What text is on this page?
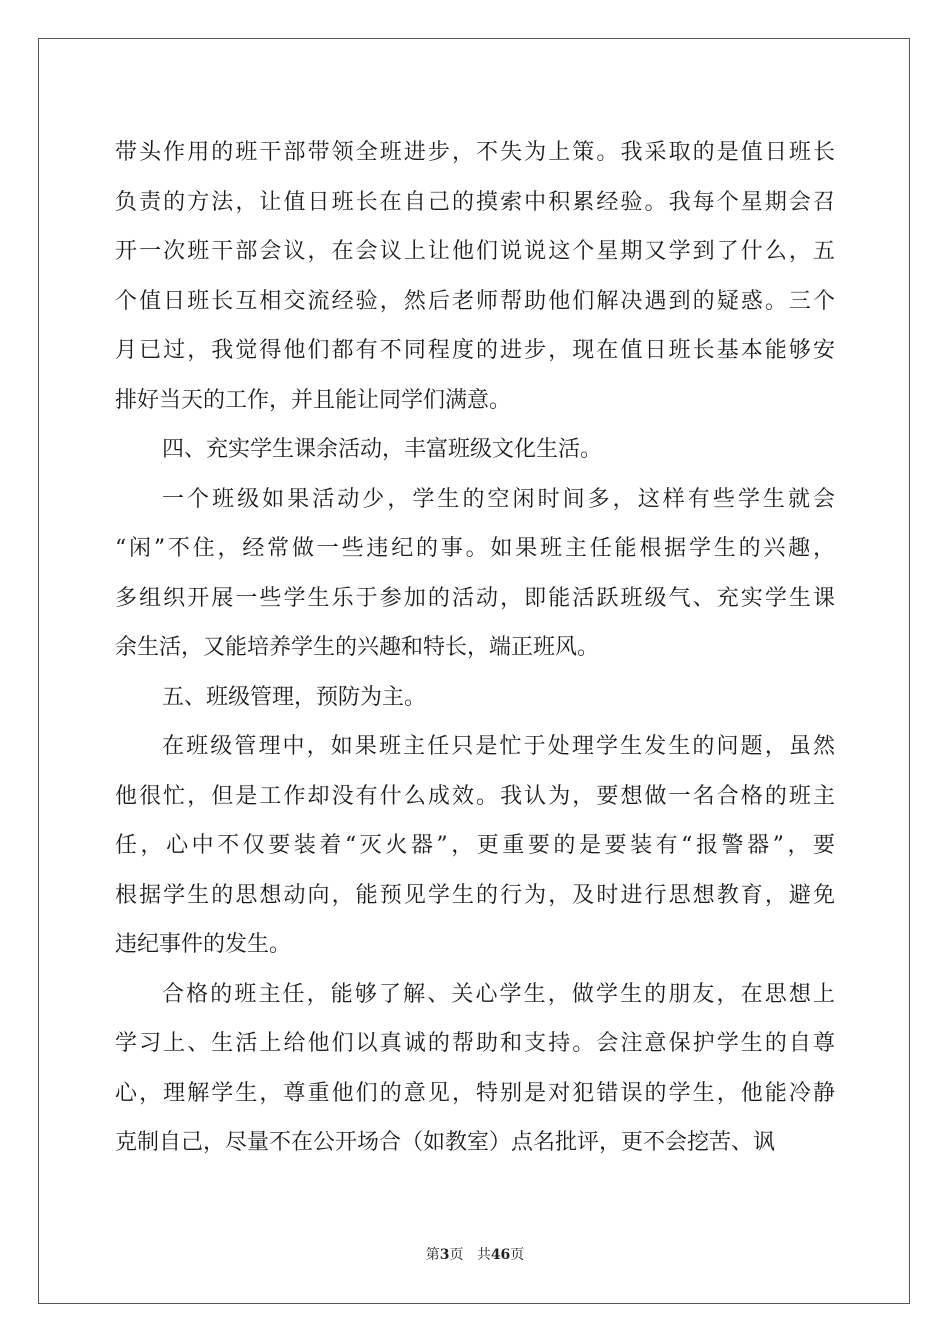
带头作用的班干部带领全班进步，不失为上策。我采取的是值日班长
负责的方法，让值日班长在自己的摸索中积累经验。我每个星期会召
开一次班干部会议，在会议上让他们说说这个星期又学到了什么，五
个值日班长互相交流经验，然后老师帮助他们解决遇到的疑惑。三个
月已过，我觉得他们都有不同程度的进步，现在值日班长基本能够安
排好当天的工作，并且能让同学们满意。
四、充实学生课余活动，丰富班级文化生活。
一个班级如果活动少，学生的空闲时间多，这样有些学生就会
“闲”不住，经常做一些违纪的事。如果班主任能根据学生的兴趣，
多组织开展一些学生乐于参加的活动，即能活跃班级气、充实学生课
余生活，又能培养学生的兴趣和特长，端正班风。
五、班级管理，预防为主。
在班级管理中，如果班主任只是忙于处理学生发生的问题，虽然
他很忙，但是工作却没有什么成效。我认为，要想做一名合格的班主
任，心中不仅要装着“灭火器”，更重要的是要装有“报警器”，要
根据学生的思想动向，能预见学生的行为，及时进行思想教育，避免
违纪事件的发生。
合格的班主任，能够了解、关心学生，做学生的朋友，在思想上
学习上、生活上给他们以真诚的帮助和支持。会注意保护学生的自尊
心，理解学生，尊重他们的意见，特别是对犯错误的学生，他能冷静
克制自己，尽量不在公开场合（如教室）点名批评，更不会挖苦、讽
第3页 共46页
